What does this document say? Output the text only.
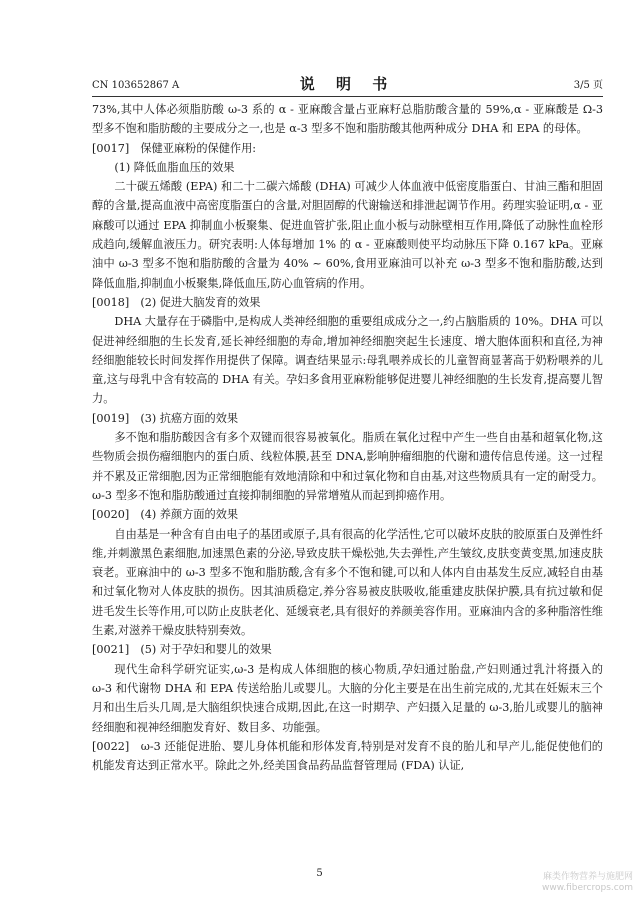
CN 103652867 A	说 明 书	3/5 页

73%,其中人体必须脂肪酸 ω-3 系的 α - 亚麻酸含量占亚麻籽总脂肪酸含量的 59%,α - 亚麻酸是 Ω-3 型多不饱和脂肪酸的主要成分之一,也是 α-3 型多不饱和脂肪酸其他两种成分 DHA 和 EPA 的母体。

[0017]　保健亚麻粉的保健作用:

(1) 降低血脂血压的效果

二十碳五烯酸 (EPA) 和二十二碳六烯酸 (DHA) 可减少人体血液中低密度脂蛋白、甘油三酯和胆固醇的含量,提高血液中高密度脂蛋白的含量,对胆固醇的代谢输送和排泄起调节作用。药理实验证明,α - 亚麻酸可以通过 EPA 抑制血小板聚集、促进血管扩张,阻止血小板与动脉壁相互作用,降低了动脉性血栓形成趋向,缓解血液压力。研究表明:人体每增加 1% 的 α - 亚麻酸则使平均动脉压下降 0.167 kPa。亚麻油中 ω-3 型多不饱和脂肪酸的含量为 40% ~ 60%,食用亚麻油可以补充 ω-3 型多不饱和脂肪酸,达到降低血脂,抑制血小板聚集,降低血压,防心血管病的作用。

[0018]　(2) 促进大脑发育的效果

DHA 大量存在于磷脂中,是构成人类神经细胞的重要组成成分之一,约占脑脂质的 10%。DHA 可以促进神经细胞的生长发育,延长神经细胞的寿命,增加神经细胞突起生长速度、增大胞体面积和直径,为神经细胞能较长时间发挥作用提供了保障。调查结果显示:母乳喂养成长的儿童智商显著高于奶粉喂养的儿童,这与母乳中含有较高的 DHA 有关。孕妇多食用亚麻粉能够促进婴儿神经细胞的生长发育,提高婴儿智力。

[0019]　(3) 抗癌方面的效果

多不饱和脂肪酸因含有多个双键而很容易被氧化。脂质在氧化过程中产生一些自由基和超氧化物,这些物质会损伤瘤细胞内的蛋白质、线粒体膜,甚至 DNA,影响肿瘤细胞的代谢和遗传信息传递。这一过程并不累及正常细胞,因为正常细胞能有效地清除和中和过氧化物和自由基,对这些物质具有一定的耐受力。ω-3 型多不饱和脂肪酸通过直接抑制细胞的异常增殖从而起到抑癌作用。

[0020]　(4) 养颜方面的效果

自由基是一种含有自由电子的基团或原子,具有很高的化学活性,它可以破坏皮肤的胶原蛋白及弹性纤维,并刺激黑色素细胞,加速黑色素的分泌,导致皮肤干燥松弛,失去弹性,产生皱纹,皮肤变黄变黑,加速皮肤衰老。亚麻油中的 ω-3 型多不饱和脂肪酸,含有多个不饱和键,可以和人体内自由基发生反应,减轻自由基和过氧化物对人体皮肤的损伤。因其油质稳定,养分容易被皮肤吸收,能重建皮肤保护膜,具有抗过敏和促进毛发生长等作用,可以防止皮肤老化、延缓衰老,具有很好的养颜美容作用。亚麻油内含的多种脂溶性维生素,对滋养干燥皮肤特别奏效。

[0021]　(5) 对于孕妇和婴儿的效果

现代生命科学研究证实,ω-3 是构成人体细胞的核心物质,孕妇通过胎盘,产妇则通过乳汁将摄入的 ω-3 和代谢物 DHA 和 EPA 传送给胎儿或婴儿。大脑的分化主要是在出生前完成的,尤其在妊娠末三个月和出生后头几周,是大脑组织快速合成期,因此,在这一时期孕、产妇摄入足量的 ω-3,胎儿或婴儿的脑神经细胞和视神经细胞发育好、数目多、功能强。

[0022]　ω-3 还能促进胎、婴儿身体机能和形体发育,特别是对发育不良的胎儿和早产儿,能促使他们的机能发育达到正常水平。除此之外,经美国食品药品监督管理局 (FDA) 认证,

5	麻类作物营养与施肥网
www.fibercrops.com
